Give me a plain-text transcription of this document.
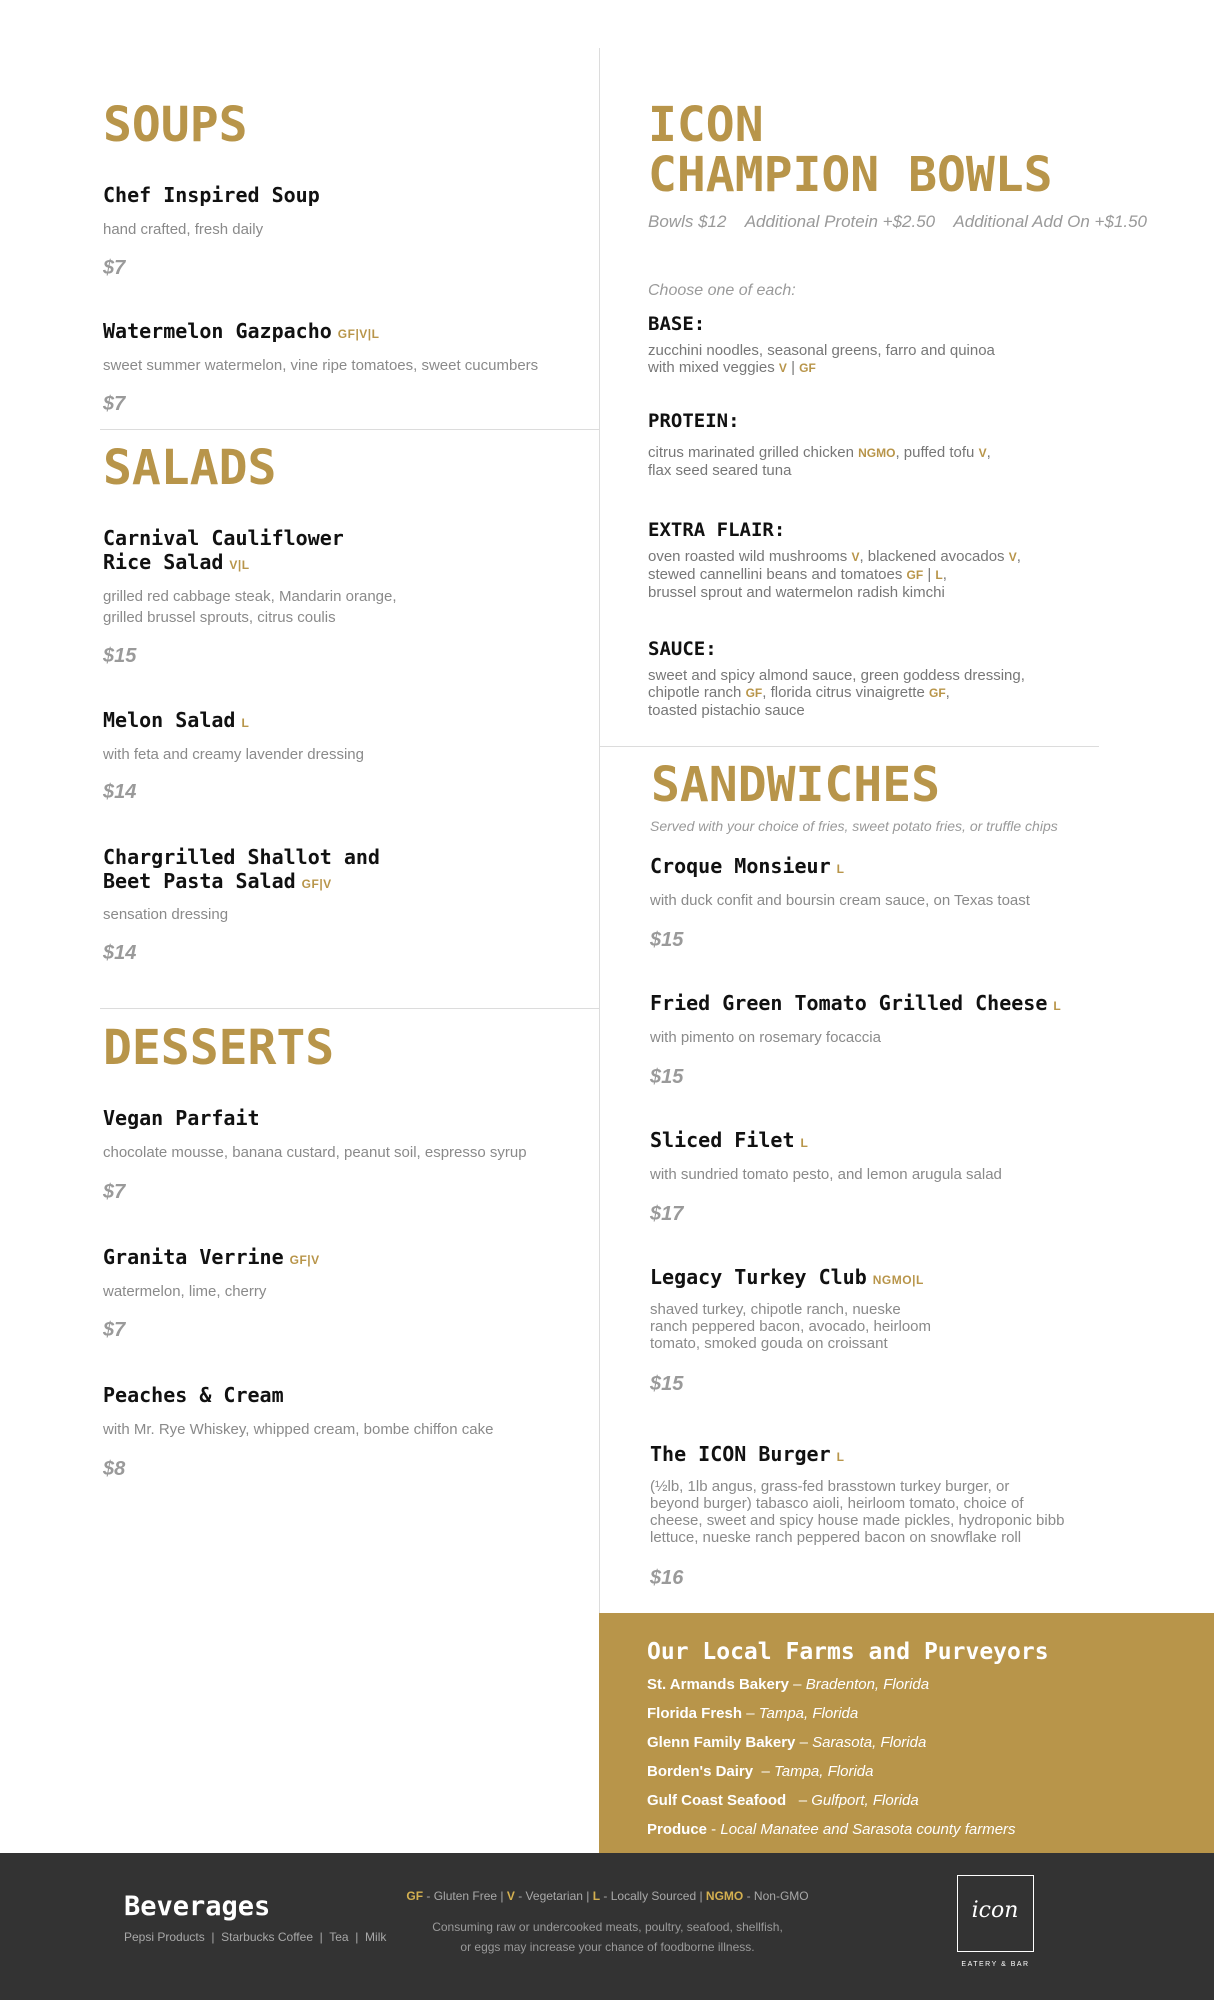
SOUPS
Chef Inspired Soup
hand crafted, fresh daily
$7
Watermelon Gazpacho GF|V|L
sweet summer watermelon, vine ripe tomatoes, sweet cucumbers
$7
SALADS
Carnival Cauliflower
Rice Salad V|L
grilled red cabbage steak, Mandarin orange,
grilled brussel sprouts, citrus coulis
$15
Melon Salad L
with feta and creamy lavender dressing
$14
Chargrilled Shallot and
Beet Pasta Salad GF|V
sensation dressing
$14
DESSERTS
Vegan Parfait
chocolate mousse, banana custard, peanut soil, espresso syrup
$7
Granita Verrine GF|V
watermelon, lime, cherry
$7
Peaches & Cream
with Mr. Rye Whiskey, whipped cream, bombe chiffon cake
$8
ICON
CHAMPION BOWLS
Bowls $12    Additional Protein +$2.50    Additional Add On +$1.50
Choose one of each:
BASE:
zucchini noodles, seasonal greens, farro and quinoa
with mixed veggies V | GF
PROTEIN:
citrus marinated grilled chicken NGMO, puffed tofu V,
flax seed seared tuna
EXTRA FLAIR:
oven roasted wild mushrooms V, blackened avocados V,
stewed cannellini beans and tomatoes GF | L,
brussel sprout and watermelon radish kimchi
SAUCE:
sweet and spicy almond sauce, green goddess dressing,
chipotle ranch GF, florida citrus vinaigrette GF,
toasted pistachio sauce
SANDWICHES
Served with your choice of fries, sweet potato fries, or truffle chips
Croque Monsieur L
with duck confit and boursin cream sauce, on Texas toast
$15
Fried Green Tomato Grilled Cheese L
with pimento on rosemary focaccia
$15
Sliced Filet L
with sundried tomato pesto, and lemon arugula salad
$17
Legacy Turkey Club NGMO|L
shaved turkey, chipotle ranch, nueske
ranch peppered bacon, avocado, heirloom
tomato, smoked gouda on croissant
$15
The ICON Burger L
(½lb, 1lb angus, grass-fed brasstown turkey burger, or
beyond burger) tabasco aioli, heirloom tomato, choice of
cheese, sweet and spicy house made pickles, hydroponic bibb
lettuce, nueske ranch peppered bacon on snowflake roll
$16
Our Local Farms and Purveyors
St. Armands Bakery – Bradenton, Florida
Florida Fresh – Tampa, Florida
Glenn Family Bakery – Sarasota, Florida
Borden's Dairy  – Tampa, Florida
Gulf Coast Seafood   – Gulfport, Florida
Produce - Local Manatee and Sarasota county farmers
Beverages
Pepsi Products  |  Starbucks Coffee  |  Tea  |  Milk
GF - Gluten Free | V - Vegetarian | L - Locally Sourced | NGMO - Non-GMO
Consuming raw or undercooked meats, poultry, seafood, shellfish,
or eggs may increase your chance of foodborne illness.
icon
EATERY & BAR
